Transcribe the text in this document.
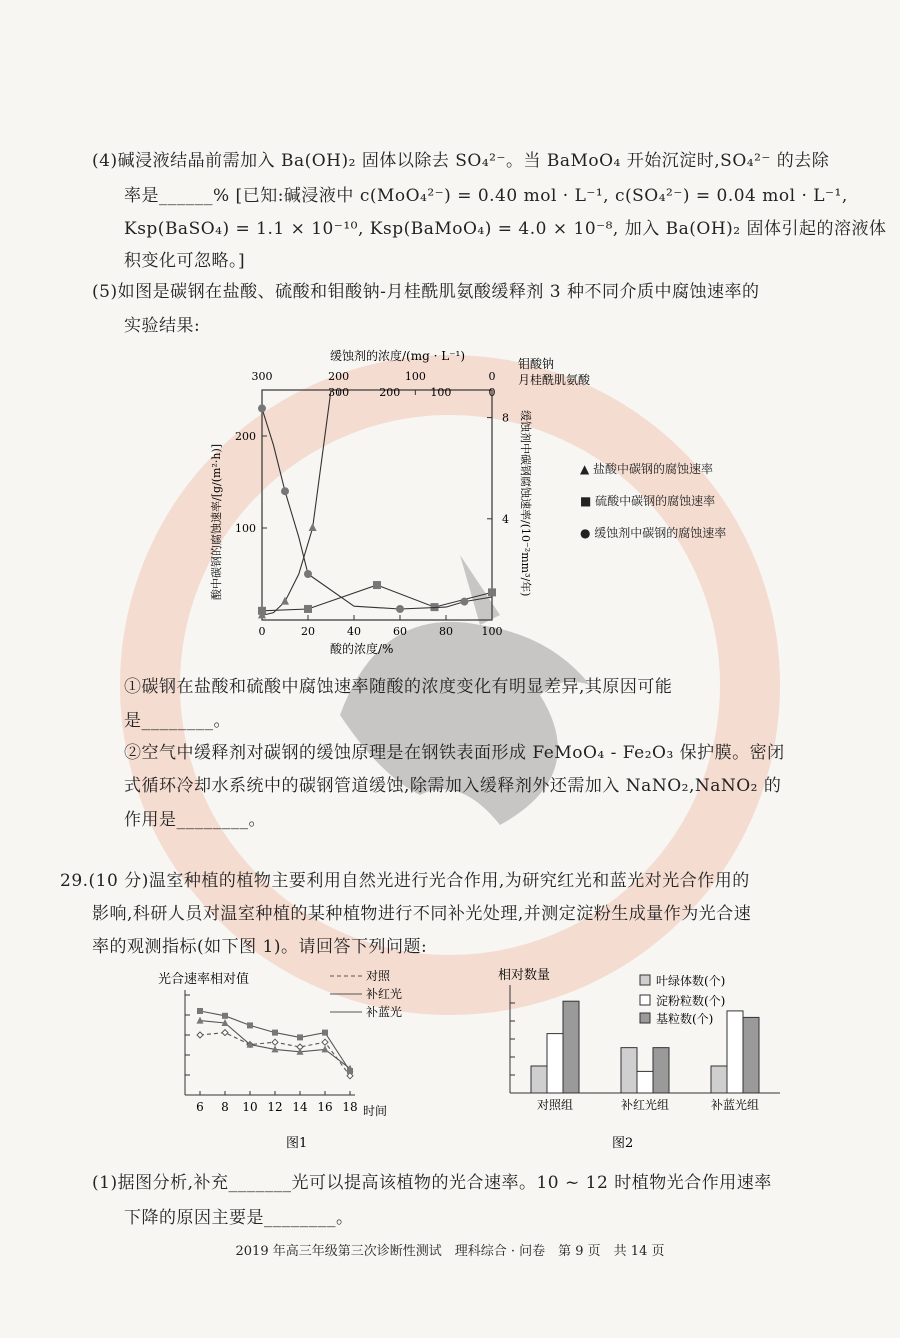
(4)碱浸液结晶前需加入 Ba(OH)₂ 固体以除去 SO₄²⁻。当 BaMoO₄ 开始沉淀时,SO₄²⁻ 的去除
率是______% [已知:碱浸液中 c(MoO₄²⁻) = 0.40 mol · L⁻¹, c(SO₄²⁻) = 0.04 mol · L⁻¹,
Ksp(BaSO₄) = 1.1 × 10⁻¹⁰, Ksp(BaMoO₄) = 4.0 × 10⁻⁸, 加入 Ba(OH)₂ 固体引起的溶液体
积变化可忽略。]
(5)如图是碳钢在盐酸、硫酸和钼酸钠-月桂酰肌氨酸缓释剂 3 种不同介质中腐蚀速率的
实验结果:
0	20	40	60	80	100
300	200	100	0
300	200	100	0
200
100
8
4
缓蚀剂的浓度/(mg · L⁻¹)
钼酸钠
月桂酰肌氨酸
酸的浓度/%
酸中碳钢的腐蚀速率/[g/(m²·h)]	缓蚀剂中碳钢腐蚀速率/(10⁻²mm³/年)	▲ 盐酸中碳钢的腐蚀速率
■ 硫酸中碳钢的腐蚀速率
● 缓蚀剂中碳钢的腐蚀速率
①碳钢在盐酸和硫酸中腐蚀速率随酸的浓度变化有明显差异,其原因可能
是________。
②空气中缓释剂对碳钢的缓蚀原理是在钢铁表面形成 FeMoO₄ - Fe₂O₃ 保护膜。密闭
式循环冷却水系统中的碳钢管道缓蚀,除需加入缓释剂外还需加入 NaNO₂,NaNO₂ 的
作用是________。
29.(10 分)温室种植的植物主要利用自然光进行光合作用,为研究红光和蓝光对光合作用的
影响,科研人员对温室种植的某种植物进行不同补光处理,并测定淀粉生成量作为光合速
率的观测指标(如下图 1)。请回答下列问题:
6 8 10 12 14 16 18
对照
补红光
补蓝光
光合速率相对值
时间
图1
对照组	补红光组	补蓝光组
叶绿体数(个)
淀粉粒数(个)
基粒数(个)
相对数量
图2
(1)据图分析,补充_______光可以提高该植物的光合速率。10 ~ 12 时植物光合作用速率
下降的原因主要是________。
2019 年高三年级第三次诊断性测试　理科综合 · 问卷　第 9 页　共 14 页
